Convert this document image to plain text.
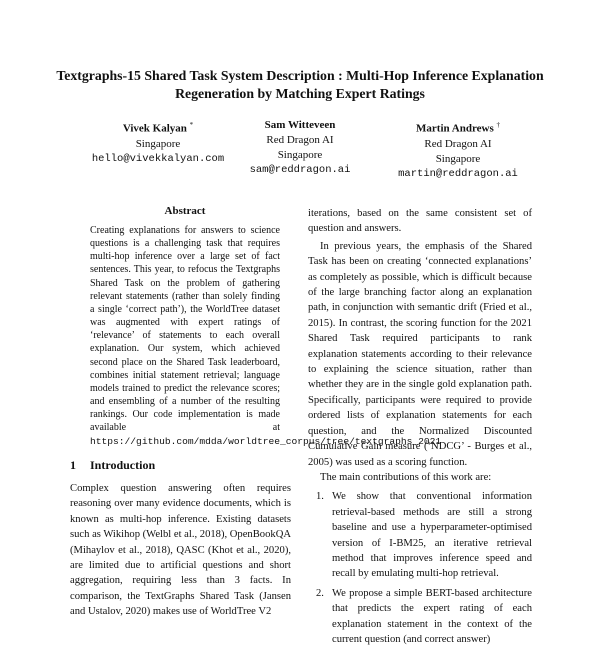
Textgraphs-15 Shared Task System Description : Multi-Hop Inference Explanation Regeneration by Matching Expert Ratings
Vivek Kalyan *
Singapore
hello@vivekkalyan.com
Sam Witteveen
Red Dragon AI
Singapore
sam@reddragon.ai
Martin Andrews †
Red Dragon AI
Singapore
martin@reddragon.ai
Abstract
Creating explanations for answers to science questions is a challenging task that requires multi-hop inference over a large set of fact sentences. This year, to refocus the Textgraphs Shared Task on the problem of gathering relevant statements (rather than solely finding a single ‘correct path’), the WorldTree dataset was augmented with expert ratings of ‘relevance’ of statements to each overall explanation. Our system, which achieved second place on the Shared Task leaderboard, combines initial statement retrieval; language models trained to predict the relevance scores; and ensembling of a number of the resulting rankings. Our code implementation is made available at https://github.com/mdda/worldtree_corpus/tree/textgraphs_2021
1 Introduction
Complex question answering often requires reasoning over many evidence documents, which is known as multi-hop inference. Existing datasets such as Wikihop (Welbl et al., 2018), OpenBookQA (Mihaylov et al., 2018), QASC (Khot et al., 2020), are limited due to artificial questions and short aggregation, requiring less than 3 facts. In comparison, the TextGraphs Shared Task (Jansen and Ustalov, 2020) makes use of WorldTree V2

iterations, based on the same consistent set of question and answers.

In previous years, the emphasis of the Shared Task has been on creating ‘connected explanations’ as completely as possible, which is difficult because of the large branching factor along an explanation path, in conjunction with semantic drift (Fried et al., 2015). In contrast, the scoring function for the 2021 Shared Task required participants to rank explanation statements according to their relevance to explaining the science situation, rather than whether they are in the single gold explanation path. Specifically, participants were required to provide ordered lists of explanation statements for each question, and the Normalized Discounted Cumulative Gain measure (‘NDCG’ - Burges et al., 2005) was used as a scoring function.

The main contributions of this work are:

1. We show that conventional information retrieval-based methods are still a strong baseline and use a hyperparameter-optimised version of I-BM25, an iterative retrieval method that improves inference speed and recall by emulating multi-hop retrieval.
2. We propose a simple BERT-based architecture that predicts the expert rating of each explanation statement in the context of the current question (and correct answer)
